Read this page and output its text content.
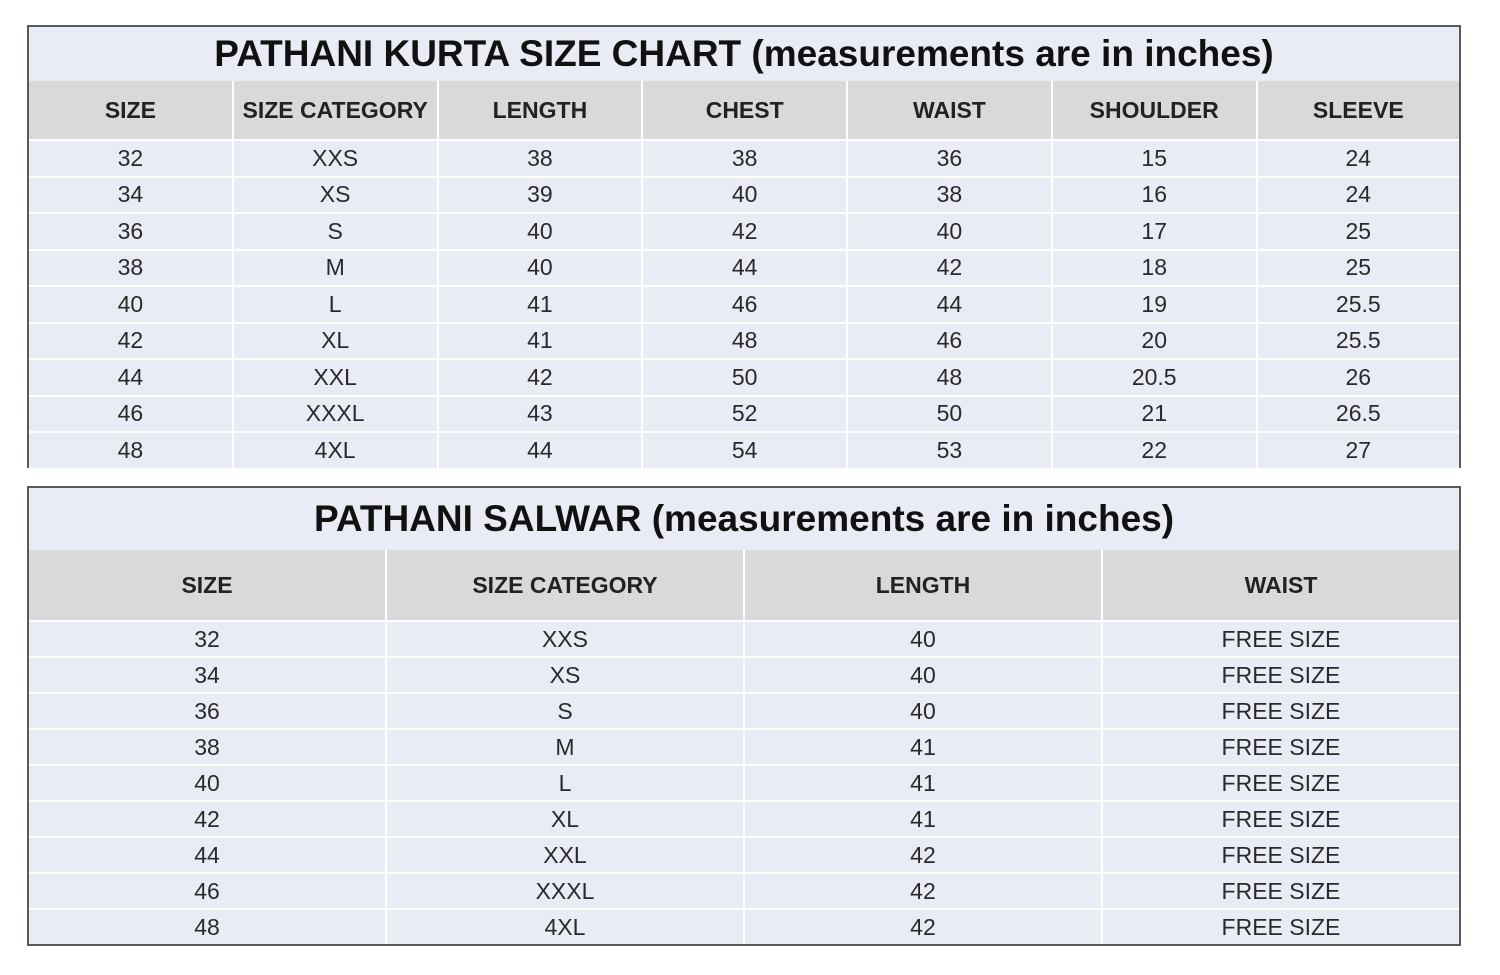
PATHANI KURTA SIZE CHART (measurements are in inches)
SIZE	SIZE CATEGORY	LENGTH	CHEST	WAIST	SHOULDER	SLEEVE
32	XXS	38	38	36	15	24
34	XS	39	40	38	16	24
36	S	40	42	40	17	25
38	M	40	44	42	18	25
40	L	41	46	44	19	25.5
42	XL	41	48	46	20	25.5
44	XXL	42	50	48	20.5	26
46	XXXL	43	52	50	21	26.5
48	4XL	44	54	53	22	27
PATHANI SALWAR (measurements are in inches)
SIZE	SIZE CATEGORY	LENGTH	WAIST
32	XXS	40	FREE SIZE
34	XS	40	FREE SIZE
36	S	40	FREE SIZE
38	M	41	FREE SIZE
40	L	41	FREE SIZE
42	XL	41	FREE SIZE
44	XXL	42	FREE SIZE
46	XXXL	42	FREE SIZE
48	4XL	42	FREE SIZE
